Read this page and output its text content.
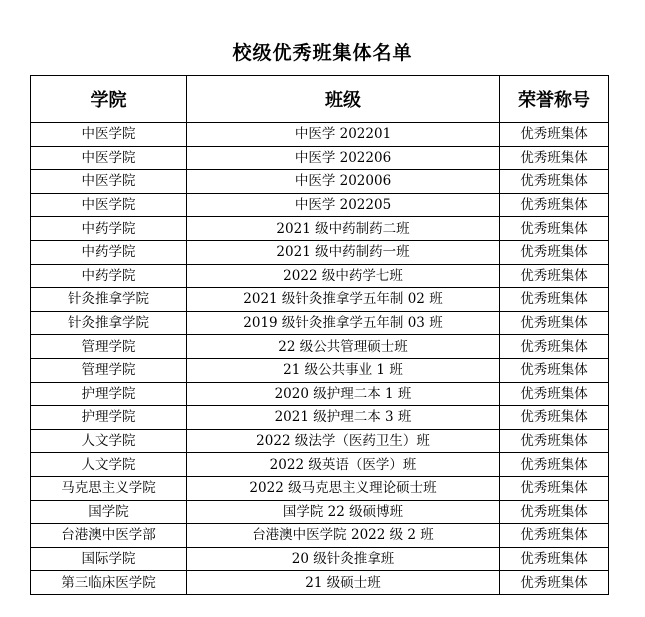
校级优秀班集体名单
学院	班级	荣誉称号
中医学院	中医学 202201	优秀班集体
中医学院	中医学 202206	优秀班集体
中医学院	中医学 202006	优秀班集体
中医学院	中医学 202205	优秀班集体
中药学院	2021 级中药制药二班	优秀班集体
中药学院	2021 级中药制药一班	优秀班集体
中药学院	2022 级中药学七班	优秀班集体
针灸推拿学院	2021 级针灸推拿学五年制 02 班	优秀班集体
针灸推拿学院	2019 级针灸推拿学五年制 03 班	优秀班集体
管理学院	22 级公共管理硕士班	优秀班集体
管理学院	21 级公共事业 1 班	优秀班集体
护理学院	2020 级护理二本 1 班	优秀班集体
护理学院	2021 级护理二本 3 班	优秀班集体
人文学院	2022 级法学（医药卫生）班	优秀班集体
人文学院	2022 级英语（医学）班	优秀班集体
马克思主义学院	2022 级马克思主义理论硕士班	优秀班集体
国学院	国学院 22 级硕博班	优秀班集体
台港澳中医学部	台港澳中医学院 2022 级 2 班	优秀班集体
国际学院	20 级针灸推拿班	优秀班集体
第三临床医学院	21 级硕士班	优秀班集体
